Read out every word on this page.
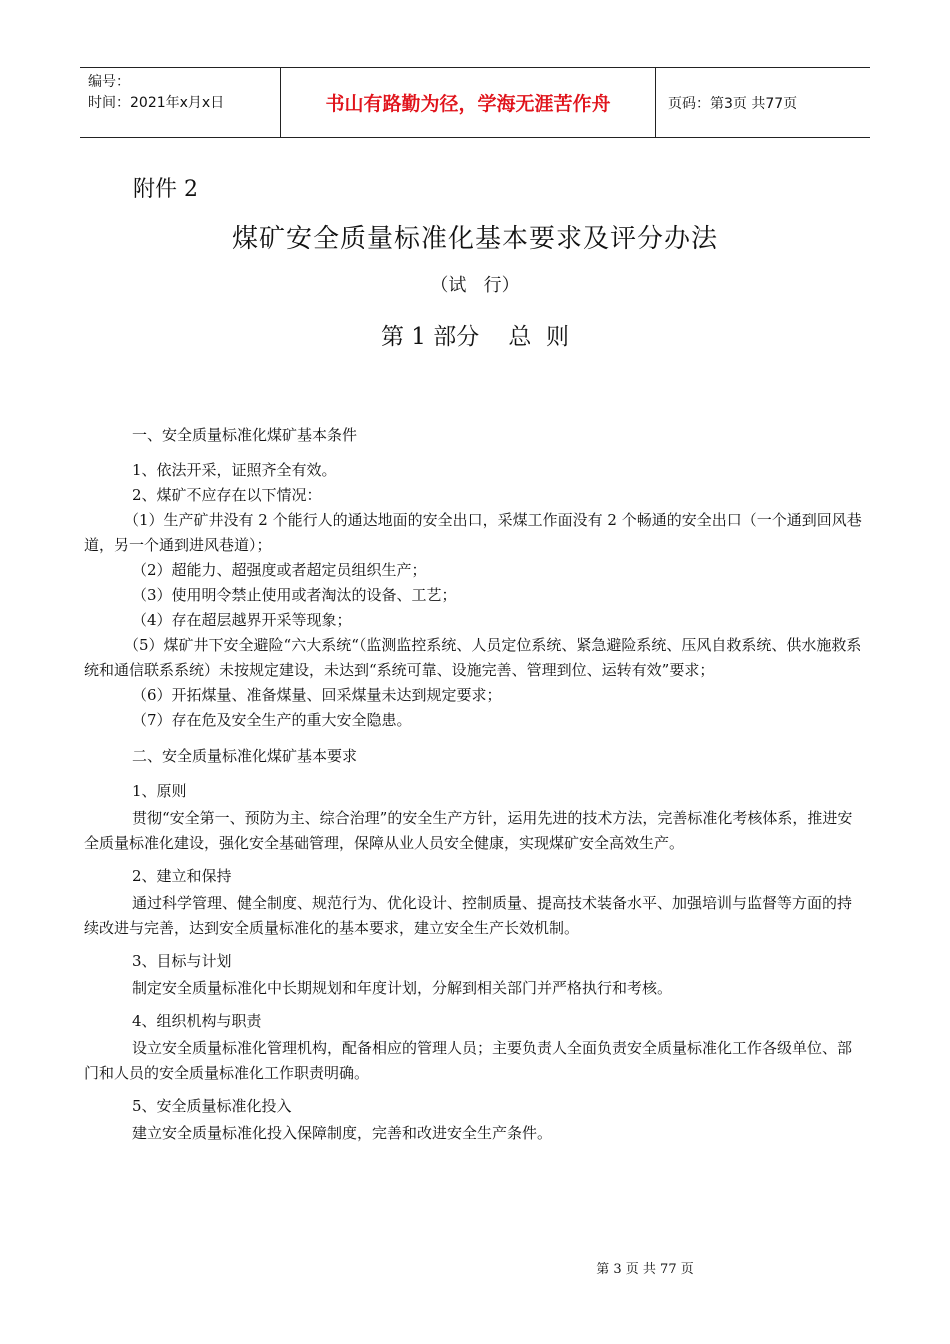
编号：
时间：2021年x月x日	书山有路勤为径，学海无涯苦作舟	页码：第3页 共77页
附件 2
煤矿安全质量标准化基本要求及评分办法
（试   行）
第 1 部分    总  则

一、安全质量标准化煤矿基本条件

1、依法开采，证照齐全有效。

2、煤矿不应存在以下情况：

（1）生产矿井没有 2 个能行人的通达地面的安全出口，采煤工作面没有 2 个畅通的安全出口（一个通到回风巷道，另一个通到进风巷道）；

（2）超能力、超强度或者超定员组织生产；

（3）使用明令禁止使用或者淘汰的设备、工艺；

（4）存在超层越界开采等现象；

（5）煤矿井下安全避险“六大系统“（监测监控系统、人员定位系统、紧急避险系统、压风自救系统、供水施救系统和通信联系系统）未按规定建设，未达到“系统可靠、设施完善、管理到位、运转有效”要求；

（6）开拓煤量、准备煤量、回采煤量未达到规定要求；

（7）存在危及安全生产的重大安全隐患。

二、安全质量标准化煤矿基本要求

1、原则

贯彻“安全第一、预防为主、综合治理”的安全生产方针，运用先进的技术方法，完善标准化考核体系，推进安全质量标准化建设，强化安全基础管理，保障从业人员安全健康，实现煤矿安全高效生产。

2、建立和保持

通过科学管理、健全制度、规范行为、优化设计、控制质量、提高技术装备水平、加强培训与监督等方面的持续改进与完善，达到安全质量标准化的基本要求，建立安全生产长效机制。

3、目标与计划

制定安全质量标准化中长期规划和年度计划，分解到相关部门并严格执行和考核。

4、组织机构与职责

设立安全质量标准化管理机构，配备相应的管理人员；主要负责人全面负责安全质量标准化工作各级单位、部门和人员的安全质量标准化工作职责明确。

5、安全质量标准化投入

建立安全质量标准化投入保障制度，完善和改进安全生产条件。

第 3 页 共 77 页
